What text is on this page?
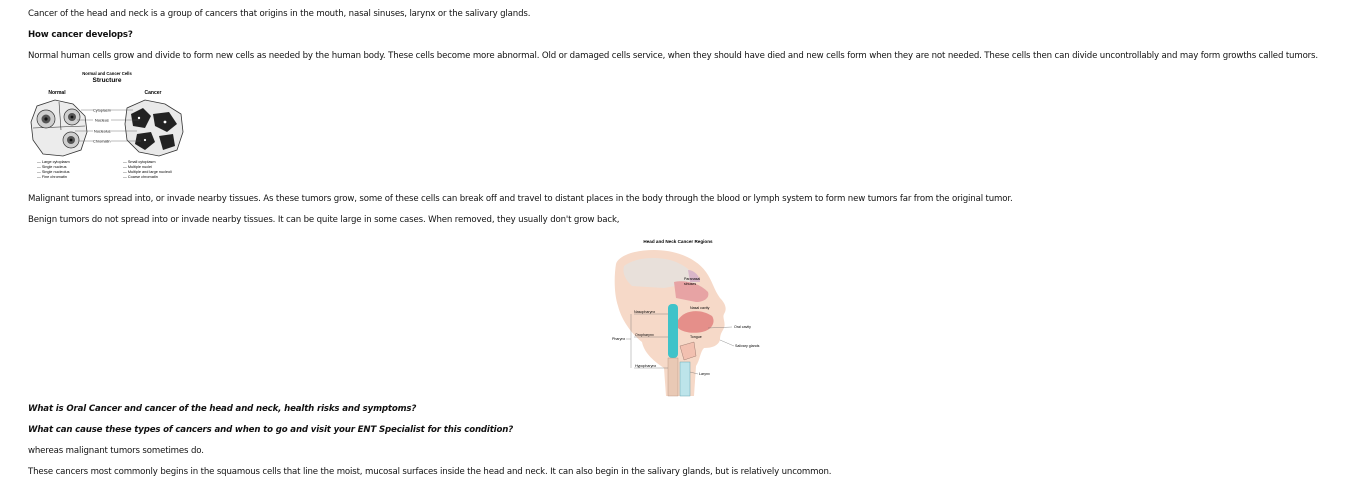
Cancer of the head and neck is a group of cancers that origins in the mouth, nasal sinuses, larynx or the salivary glands.
How cancer develops?
Normal human cells grow and divide to form new cells as needed by the human body. These cells become more abnormal. Old or damaged cells service, when they should have died and new cells form when they are not needed. These cells then can divide uncontrollably and may form growths called tumors.
Normal and Cancer Cells
Structure
Normal	Cancer
Cytoplasm
Nucleus
Nucleolus
Chromatin
— Large cytoplasm
— Single nucleus
— Single nucleolus
— Fine chromatin
— Small cytoplasm
— Multiple nuclei
— Multiple and large nucleoli
— Coarse chromatin
Malignant tumors spread into, or invade nearby tissues. As these tumors grow, some of these cells can break off and travel to distant places in the body through the blood or lymph system to form new tumors far from the original tumor.
Benign tumors do not spread into or invade nearby tissues. It can be quite large in some cases. When removed, they usually don't grow back,
Head and Neck Cancer Regions
Paranasal
sinuses
Nasal cavity
Nasopharynx
Oral cavity
Pharynx
Oropharynx	Tongue
Salivary glands
Hypopharynx
Larynx
What is Oral Cancer and cancer of the head and neck, health risks and symptoms?
What can cause these types of cancers and when to go and visit your ENT Specialist for this condition?
whereas malignant tumors sometimes do.
These cancers most commonly begins in the squamous cells that line the moist, mucosal surfaces inside the head and neck. It can also begin in the salivary glands, but is relatively uncommon.
